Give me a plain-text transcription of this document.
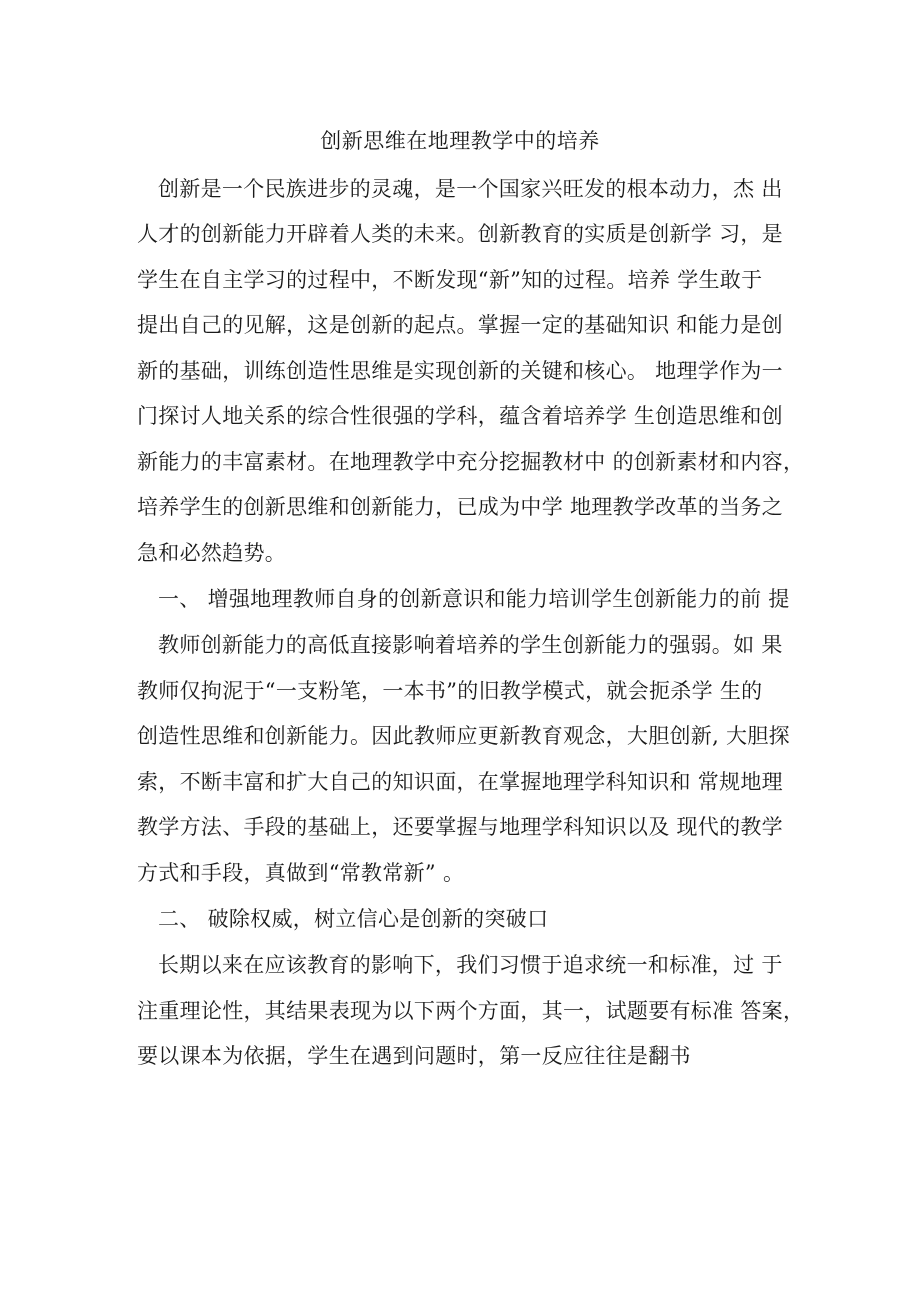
创新思维在地理教学中的培养

创新是一个民族进步的灵魂，是一个国家兴旺发的根本动力，杰 出

人才的创新能力开辟着人类的未来。创新教育的实质是创新学 习，是

学生在自主学习的过程中，不断发现“新”知的过程。培养 学生敢于

提出自己的见解，这是创新的起点。掌握一定的基础知识 和能力是创

新的基础，训练创造性思维是实现创新的关键和核心。 地理学作为一

门探讨人地关系的综合性很强的学科，蕴含着培养学 生创造思维和创

新能力的丰富素材。在地理教学中充分挖掘教材中 的创新素材和内容，

培养学生的创新思维和创新能力，已成为中学 地理教学改革的当务之

急和必然趋势。

一、 增强地理教师自身的创新意识和能力培训学生创新能力的前 提

教师创新能力的高低直接影响着培养的学生创新能力的强弱。如 果

教师仅拘泥于“一支粉笔，一本书”的旧教学模式，就会扼杀学 生的

创造性思维和创新能力。因此教师应更新教育观念，大胆创新, 大胆探

索，不断丰富和扩大自己的知识面，在掌握地理学科知识和 常规地理

教学方法、手段的基础上，还要掌握与地理学科知识以及 现代的教学

方式和手段，真做到“常教常新” 。

二、 破除权威，树立信心是创新的突破口

长期以来在应该教育的影响下，我们习惯于追求统一和标准，过 于

注重理论性，其结果表现为以下两个方面，其一，试题要有标准 答案，

要以课本为依据，学生在遇到问题时，第一反应往往是翻书
